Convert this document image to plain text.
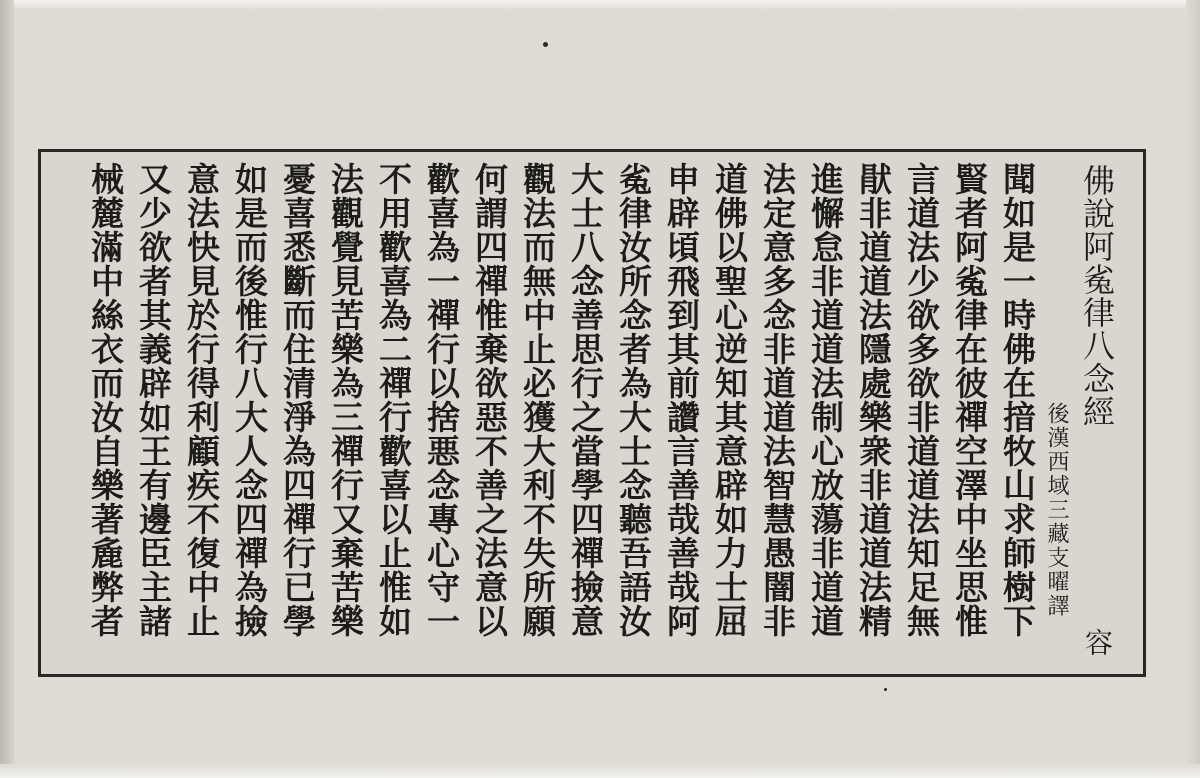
佛說阿㝹律八念經
後漢西域三藏支曜譯
容
聞如是一時佛在揞牧山求師樹下
賢者阿㝹律在彼禪空澤中坐思惟
言道法少欲多欲非道道法知足無
猒非道道法隱處樂衆非道道法精
進懈怠非道道法制心放蕩非道道
法定意多念非道道法智慧愚闇非
道佛以聖心逆知其意辟如力士屈
申辟頃飛到其前讚言善哉善哉阿
㝹律汝所念者為大士念聽吾語汝
大士八念善思行之當學四禪撿意
觀法而無中止必獲大利不失所願
何謂四禪惟棄欲惡不善之法意以
歡喜為一禪行以捨悪念專心守一
不用歡喜為二禪行歡喜以止惟如
法觀覺見苦樂為三禪行又棄苦樂
憂喜悉斷而住清淨為四禪行已學
如是而後惟行八大人念四禪為撿
意法快見於行得利顧疾不復中止
又少欲者其義辟如王有邊臣主諸
械麓滿中絲衣而汝自樂著麁弊者
